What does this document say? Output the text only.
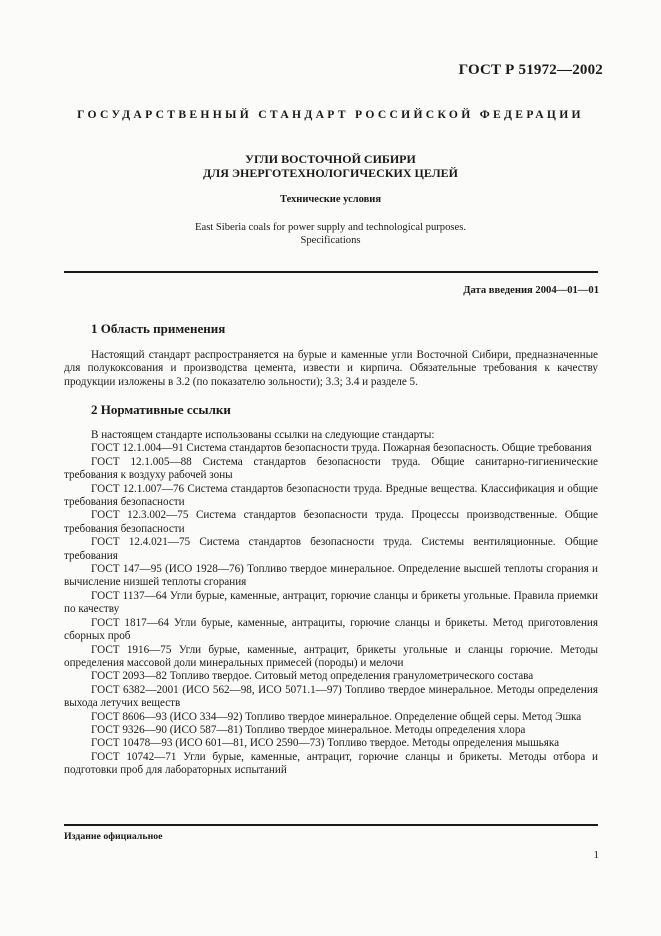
ГОСТ Р 51972—2002
ГОСУДАРСТВЕННЫЙ СТАНДАРТ РОССИЙСКОЙ ФЕДЕРАЦИИ
УГЛИ ВОСТОЧНОЙ СИБИРИ
ДЛЯ ЭНЕРГОТЕХНОЛОГИЧЕСКИХ ЦЕЛЕЙ
Технические условия
East Siberia coals for power supply and technological purposes.
Specifications
Дата введения 2004—01—01
1 Область применения

Настоящий стандарт распространяется на бурые и каменные угли Восточной Сибири, предназначенные для полукоксования и производства цемента, извести и кирпича. Обязательные требования к качеству продукции изложены в 3.2 (по показателю зольности); 3.3; 3.4 и разделе 5.

2 Нормативные ссылки

В настоящем стандарте использованы ссылки на следующие стандарты:

ГОСТ 12.1.004—91 Система стандартов безопасности труда. Пожарная безопасность. Общие требования

ГОСТ 12.1.005—88 Система стандартов безопасности труда. Общие санитарно-гигиенические требования к воздуху рабочей зоны

ГОСТ 12.1.007—76 Система стандартов безопасности труда. Вредные вещества. Классификация и общие требования безопасности

ГОСТ 12.3.002—75 Система стандартов безопасности труда. Процессы производственные. Общие требования безопасности

ГОСТ 12.4.021—75 Система стандартов безопасности труда. Системы вентиляционные. Общие требования

ГОСТ 147—95 (ИСО 1928—76) Топливо твердое минеральное. Определение высшей теплоты сгорания и вычисление низшей теплоты сгорания

ГОСТ 1137—64 Угли бурые, каменные, антрацит, горючие сланцы и брикеты угольные. Правила приемки по качеству

ГОСТ 1817—64 Угли бурые, каменные, антрациты, горючие сланцы и брикеты. Метод приготовления сборных проб

ГОСТ 1916—75 Угли бурые, каменные, антрацит, брикеты угольные и сланцы горючие. Методы определения массовой доли минеральных примесей (породы) и мелочи

ГОСТ 2093—82 Топливо твердое. Ситовый метод определения гранулометрического состава

ГОСТ 6382—2001 (ИСО 562—98, ИСО 5071.1—97) Топливо твердое минеральное. Методы определения выхода летучих веществ

ГОСТ 8606—93 (ИСО 334—92) Топливо твердое минеральное. Определение общей серы. Метод Эшка

ГОСТ 9326—90 (ИСО 587—81) Топливо твердое минеральное. Методы определения хлора

ГОСТ 10478—93 (ИСО 601—81, ИСО 2590—73) Топливо твердое. Методы определения мышьяка

ГОСТ 10742—71 Угли бурые, каменные, антрацит, горючие сланцы и брикеты. Методы отбора и подготовки проб для лабораторных испытаний

Издание официальное
1
